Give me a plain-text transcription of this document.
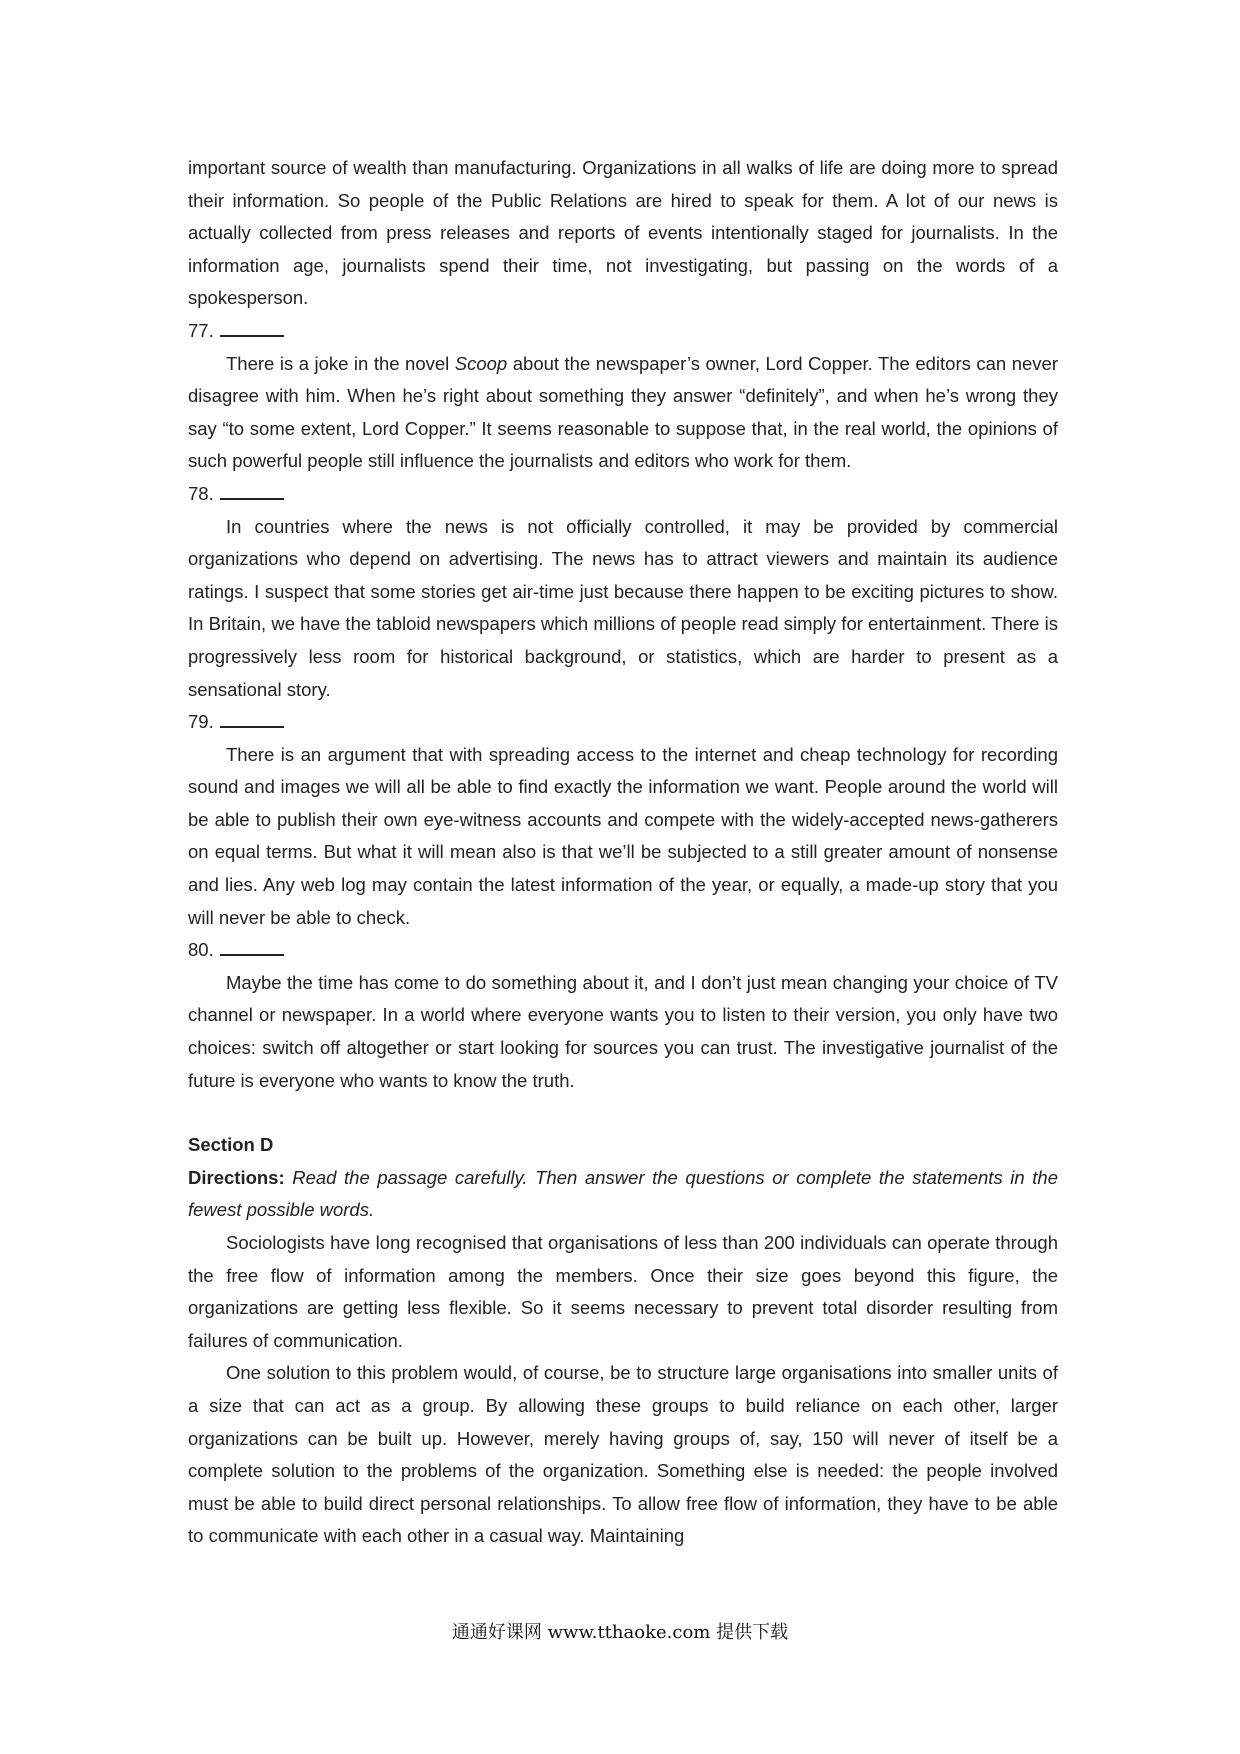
important source of wealth than manufacturing. Organizations in all walks of life are doing more to spread their information. So people of the Public Relations are hired to speak for them. A lot of our news is actually collected from press releases and reports of events intentionally staged for journalists. In the information age, journalists spend their time, not investigating, but passing on the words of a spokesperson.

77.

There is a joke in the novel Scoop about the newspaper’s owner, Lord Copper. The editors can never disagree with him. When he’s right about something they answer “definitely”, and when he’s wrong they say “to some extent, Lord Copper.” It seems reasonable to suppose that, in the real world, the opinions of such powerful people still influence the journalists and editors who work for them.

78.

In countries where the news is not officially controlled, it may be provided by commercial organizations who depend on advertising. The news has to attract viewers and maintain its audience ratings. I suspect that some stories get air-time just because there happen to be exciting pictures to show. In Britain, we have the tabloid newspapers which millions of people read simply for entertainment. There is progressively less room for historical background, or statistics, which are harder to present as a sensational story.

79.

There is an argument that with spreading access to the internet and cheap technology for recording sound and images we will all be able to find exactly the information we want. People around the world will be able to publish their own eye-witness accounts and compete with the widely-accepted news-gatherers on equal terms. But what it will mean also is that we’ll be subjected to a still greater amount of nonsense and lies. Any web log may contain the latest information of the year, or equally, a made-up story that you will never be able to check.

80.

Maybe the time has come to do something about it, and I don’t just mean changing your choice of TV channel or newspaper. In a world where everyone wants you to listen to their version, you only have two choices: switch off altogether or start looking for sources you can trust. The investigative journalist of the future is everyone who wants to know the truth.

Section D

Directions: Read the passage carefully. Then answer the questions or complete the statements in the fewest possible words.

Sociologists have long recognised that organisations of less than 200 individuals can operate through the free flow of information among the members. Once their size goes beyond this figure, the organizations are getting less flexible. So it seems necessary to prevent total disorder resulting from failures of communication.

One solution to this problem would, of course, be to structure large organisations into smaller units of a size that can act as a group. By allowing these groups to build reliance on each other, larger organizations can be built up. However, merely having groups of, say, 150 will never of itself be a complete solution to the problems of the organization. Something else is needed: the people involved must be able to build direct personal relationships. To allow free flow of information, they have to be able to communicate with each other in a casual way. Maintaining

通通好课网 www.tthaoke.com 提供下载
